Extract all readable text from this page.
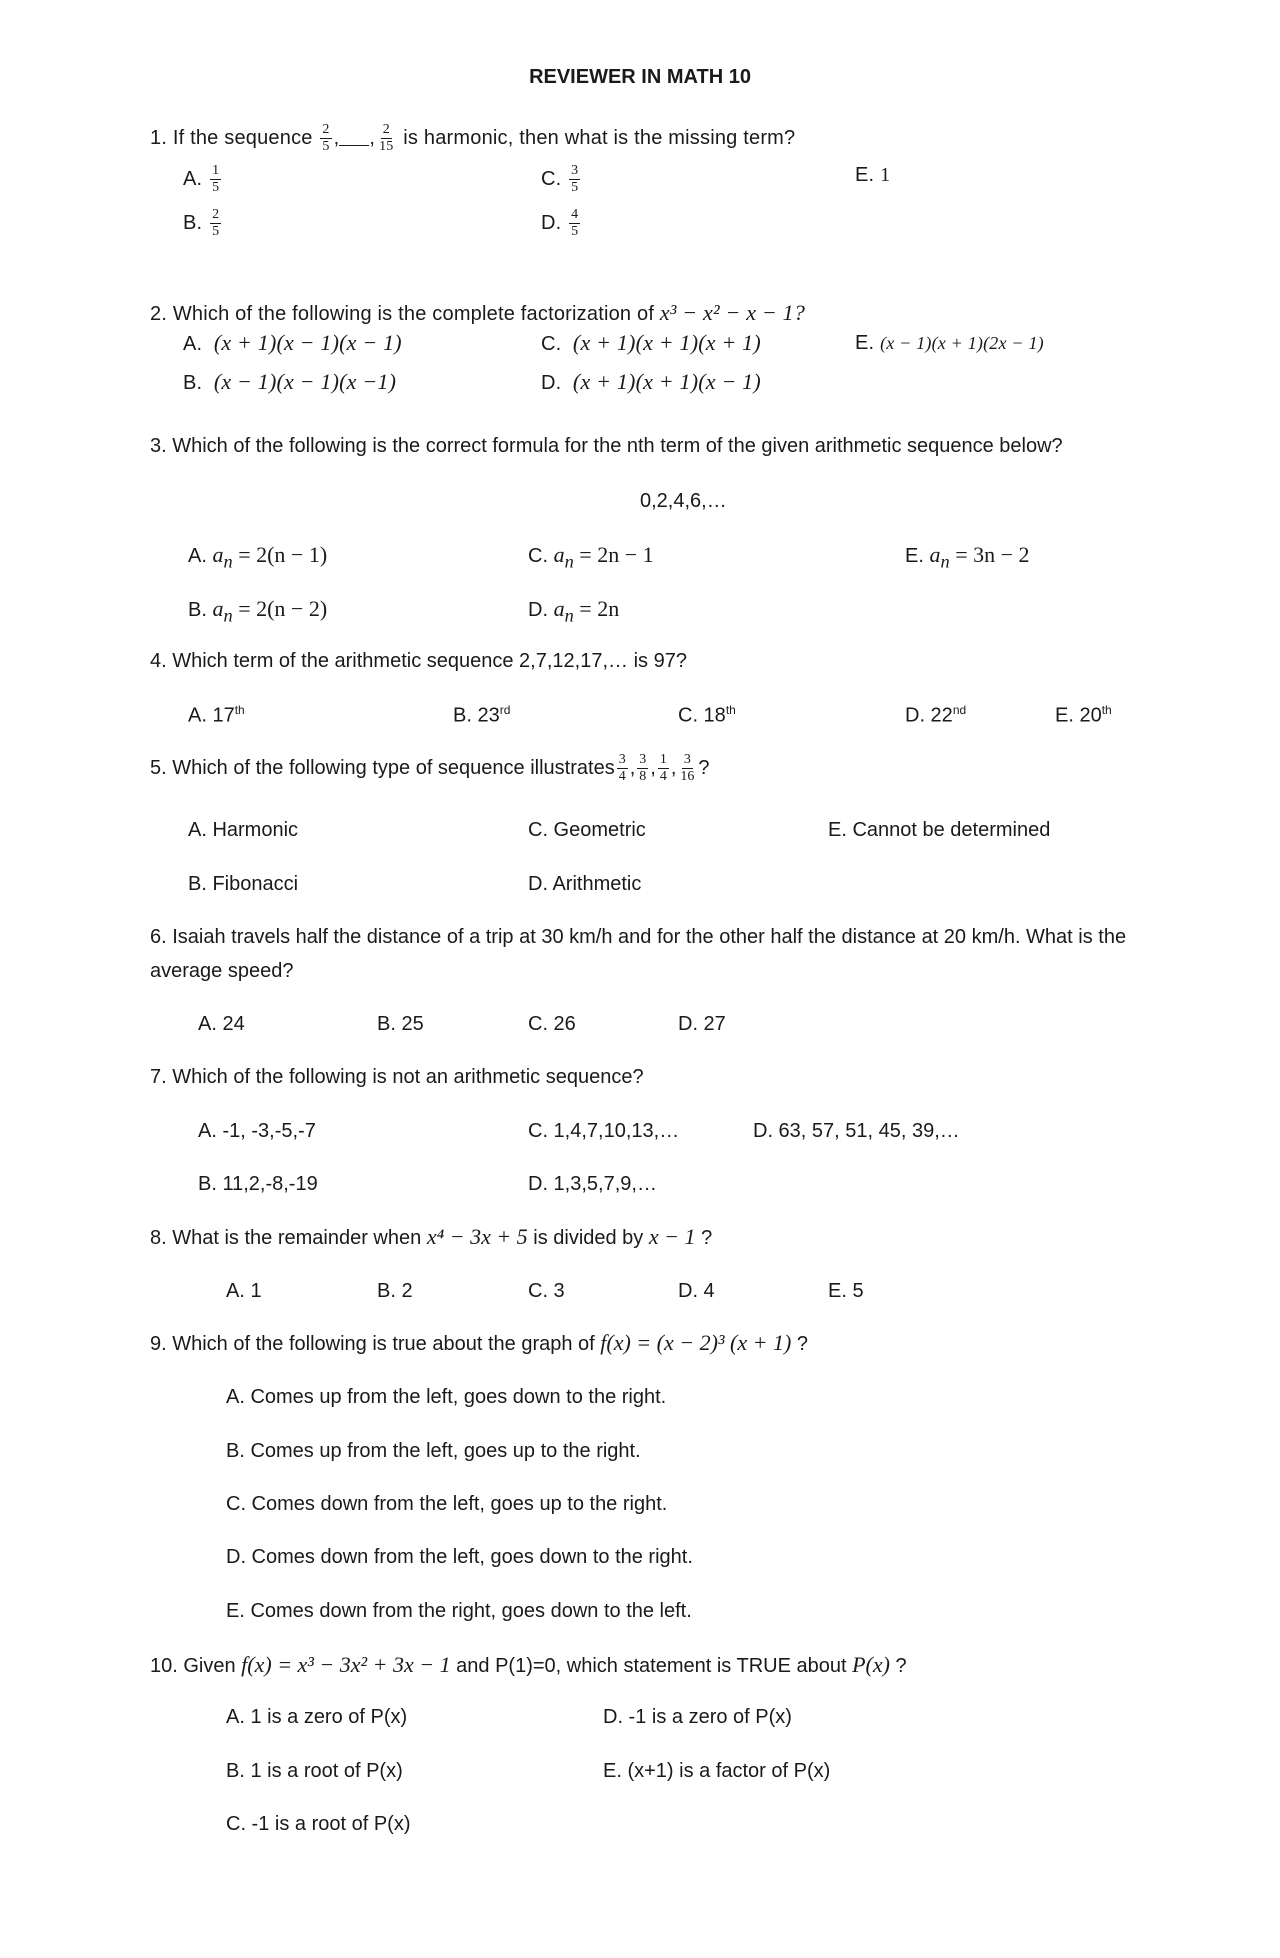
REVIEWER IN MATH 10
1. If the sequence $\frac{2}{5}$ , , $\frac{2}{15}$ is harmonic, then what is the missing term?
A. $\frac{1}{5}$
B. $\frac{2}{5}$
C. $\frac{3}{5}$
D. $\frac{4}{5}$
E. 1
2. Which of the following is the complete factorization of x³ − x² − x − 1?
A. (x + 1)(x − 1)(x − 1)
B. (x − 1)(x − 1)(x −1)
C. (x + 1)(x + 1)(x + 1)
D. (x + 1)(x + 1)(x − 1)
E. (x − 1)(x + 1)(2x − 1)
3. Which of the following is the correct formula for the nth term of the given arithmetic sequence below?
0,2,4,6,…
A. $a_n = 2(n - 1)$
B. $a_n = 2(n - 2)$
C. $a_n = 2n - 1$
D. $a_n = 2n$
E. $a_n = 3n - 2$
4. Which term of the arithmetic sequence 2,7,12,17,… is 97?
A. 17th	B. 23rd	C. 18th	D. 22nd	E. 20th
5. Which of the following type of sequence illustrates $\frac{3}{4}$ , $\frac{3}{8}$ , $\frac{1}{4}$ , $\frac{3}{16}$ ?
A. Harmonic
B. Fibonacci
C. Geometric
D. Arithmetic
E. Cannot be determined
6. Isaiah travels half the distance of a trip at 30 km/h and for the other half the distance at 20 km/h. What is the
average speed?
A. 24	B. 25	C. 26	D. 27
7. Which of the following is not an arithmetic sequence?
A. -1, -3,-5,-7
B. 11,2,-8,-19
C. 1,4,7,10,13,…
D. 1,3,5,7,9,…
D. 63, 57, 51, 45, 39,…
8. What is the remainder when x⁴ − 3x + 5 is divided by x − 1 ?
A. 1	B. 2	C. 3	D. 4	E. 5
9. Which of the following is true about the graph of f(x) = (x − 2)³ (x + 1) ?
A. Comes up from the left, goes down to the right.
B. Comes up from the left, goes up to the right.
C. Comes down from the left, goes up to the right.
D. Comes down from the left, goes down to the right.
E. Comes down from the right, goes down to the left.
10. Given f(x) = x³ − 3x² + 3x − 1 and P(1)=0, which statement is TRUE about P(x) ?
A. 1 is a zero of P(x)
B. 1 is a root of P(x)
C. -1 is a root of P(x)
D. -1 is a zero of P(x)
E. (x+1) is a factor of P(x)
